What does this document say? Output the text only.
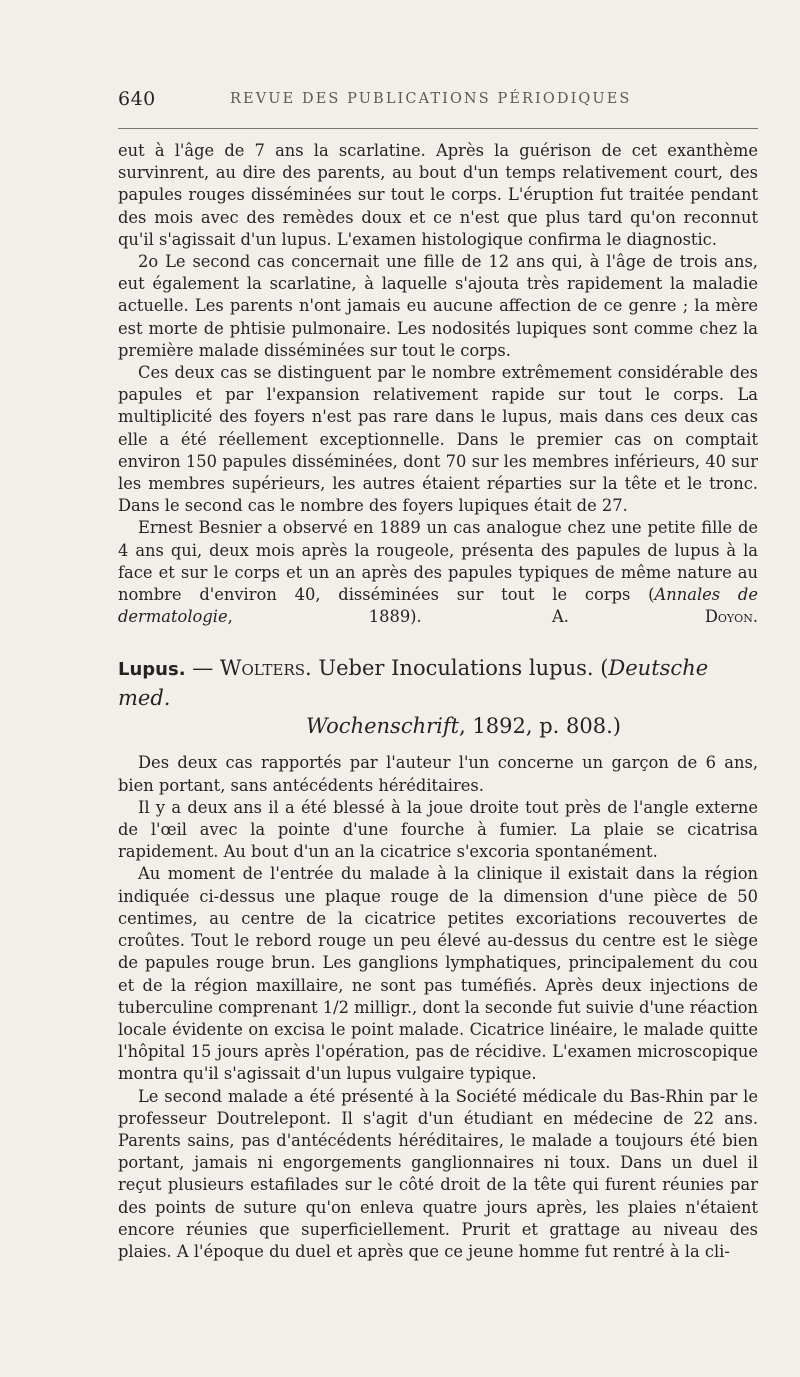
640	REVUE DES PUBLICATIONS PÉRIODIQUES

eut à l'âge de 7 ans la scarlatine. Après la guérison de cet exanthème survinrent, au dire des parents, au bout d'un temps relativement court, des papules rouges disséminées sur tout le corps. L'éruption fut traitée pendant des mois avec des remèdes doux et ce n'est que plus tard qu'on reconnut qu'il s'agissait d'un lupus. L'examen histologique confirma le diagnostic.

2o Le second cas concernait une fille de 12 ans qui, à l'âge de trois ans, eut également la scarlatine, à laquelle s'ajouta très rapidement la maladie actuelle. Les parents n'ont jamais eu aucune affection de ce genre ; la mère est morte de phtisie pulmonaire. Les nodosités lupiques sont comme chez la première malade disséminées sur tout le corps.

Ces deux cas se distinguent par le nombre extrêmement considérable des papules et par l'expansion relativement rapide sur tout le corps. La multiplicité des foyers n'est pas rare dans le lupus, mais dans ces deux cas elle a été réellement exceptionnelle. Dans le premier cas on comptait environ 150 papules disséminées, dont 70 sur les membres inférieurs, 40 sur les membres supérieurs, les autres étaient réparties sur la tête et le tronc. Dans le second cas le nombre des foyers lupiques était de 27.

Ernest Besnier a observé en 1889 un cas analogue chez une petite fille de 4 ans qui, deux mois après la rougeole, présenta des papules de lupus à la face et sur le corps et un an après des papules typiques de même nature au nombre d'environ 40, disséminées sur tout le corps (Annales de dermatologie, 1889).        	A. Doyon.

Lupus. — Wolters. Ueber Inoculations lupus. (Deutsche med.
Wochenschrift, 1892, p. 808.)

Des deux cas rapportés par l'auteur l'un concerne un garçon de 6 ans, bien portant, sans antécédents héréditaires.

Il y a deux ans il a été blessé à la joue droite tout près de l'angle externe de l'œil avec la pointe d'une fourche à fumier. La plaie se cicatrisa rapidement. Au bout d'un an la cicatrice s'excoria spontanément.

Au moment de l'entrée du malade à la clinique il existait dans la région indiquée ci-dessus une plaque rouge de la dimension d'une pièce de 50 centimes, au centre de la cicatrice petites excoriations recouvertes de croûtes. Tout le rebord rouge un peu élevé au-dessus du centre est le siège de papules rouge brun. Les ganglions lymphatiques, principalement du cou et de la région maxillaire, ne sont pas tuméfiés. Après deux injections de tuberculine comprenant 1/2 milligr., dont la seconde fut suivie d'une réaction locale évidente on excisa le point malade. Cicatrice linéaire, le malade quitte l'hôpital 15 jours après l'opération, pas de récidive. L'examen microscopique montra qu'il s'agissait d'un lupus vulgaire typique.

Le second malade a été présenté à la Société médicale du Bas-Rhin par le professeur Doutrelepont. Il s'agit d'un étudiant en médecine de 22 ans. Parents sains, pas d'antécédents héréditaires, le malade a toujours été bien portant, jamais ni engorgements ganglionnaires ni toux. Dans un duel il reçut plusieurs estafilades sur le côté droit de la tête qui furent réunies par des points de suture qu'on enleva quatre jours après, les plaies n'étaient encore réunies que superficiellement. Prurit et grattage au niveau des plaies. A l'époque du duel et après que ce jeune homme fut rentré à la cli-
